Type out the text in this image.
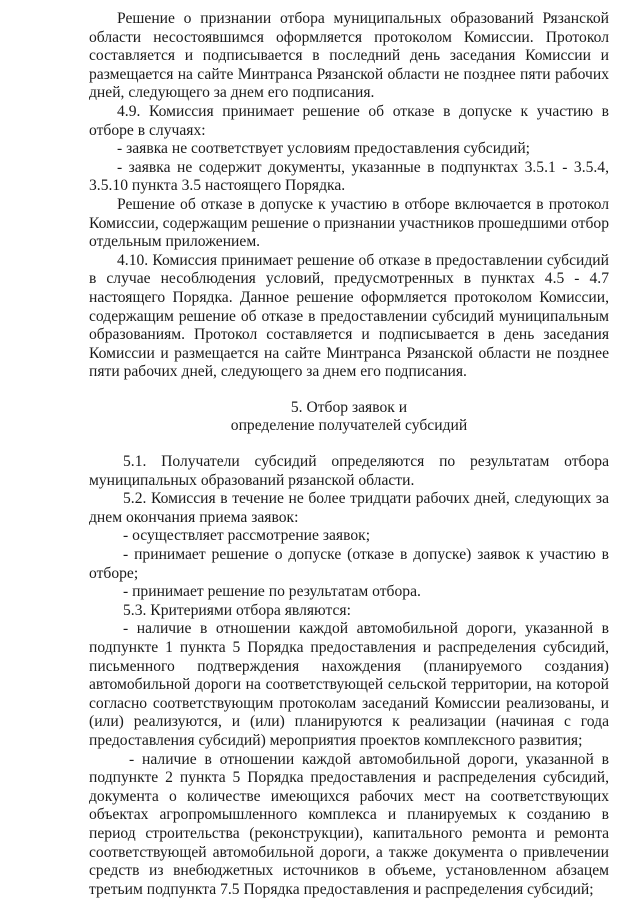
Решение о признании отбора муниципальных образований Рязанской области несостоявшимся оформляется протоколом Комиссии. Протокол составляется и подписывается в последний день заседания Комиссии и размещается на сайте Минтранса Рязанской области не позднее пяти рабочих дней, следующего за днем его подписания.

4.9. Комиссия принимает решение об отказе в допуске к участию в отборе в случаях:

- заявка не соответствует условиям предоставления субсидий;

- заявка не содержит документы, указанные в подпунктах 3.5.1 - 3.5.4, 3.5.10 пункта 3.5 настоящего Порядка.

Решение об отказе в допуске к участию в отборе включается в протокол Комиссии, содержащим решение о признании участников прошедшими отбор отдельным приложением.

4.10. Комиссия принимает решение об отказе в предоставлении субсидий в случае несоблюдения условий, предусмотренных в пунктах 4.5 - 4.7 настоящего Порядка. Данное решение оформляется протоколом Комиссии, содержащим решение об отказе в предоставлении субсидий муниципальным образованиям. Протокол составляется и подписывается в день заседания Комиссии и размещается на сайте Минтранса Рязанской области не позднее пяти рабочих дней, следующего за днем его подписания.

5. Отбор заявок и

определение получателей субсидий

5.1. Получатели субсидий определяются по результатам отбора муниципальных образований рязанской области.

5.2. Комиссия в течение не более тридцати рабочих дней, следующих за днем окончания приема заявок:

- осуществляет рассмотрение заявок;

- принимает решение о допуске (отказе в допуске) заявок к участию в отборе;

- принимает решение по результатам отбора.

5.3. Критериями отбора являются:

- наличие в отношении каждой автомобильной дороги, указанной в подпункте 1 пункта 5 Порядка предоставления и распределения субсидий, письменного подтверждения нахождения (планируемого создания) автомобильной дороги на соответствующей сельской территории, на которой согласно соответствующим протоколам заседаний Комиссии реализованы, и (или) реализуются, и (или) планируются к реализации (начиная с года предоставления субсидий) мероприятия проектов комплексного развития;

- наличие в отношении каждой автомобильной дороги, указанной в подпункте 2 пункта 5 Порядка предоставления и распределения субсидий, документа о количестве имеющихся рабочих мест на соответствующих объектах агропромышленного комплекса и планируемых к созданию в период строительства (реконструкции), капитального ремонта и ремонта соответствующей автомобильной дороги, а также документа о привлечении средств из внебюджетных источников в объеме, установленном абзацем третьим подпункта 7.5 Порядка предоставления и распределения субсидий;
